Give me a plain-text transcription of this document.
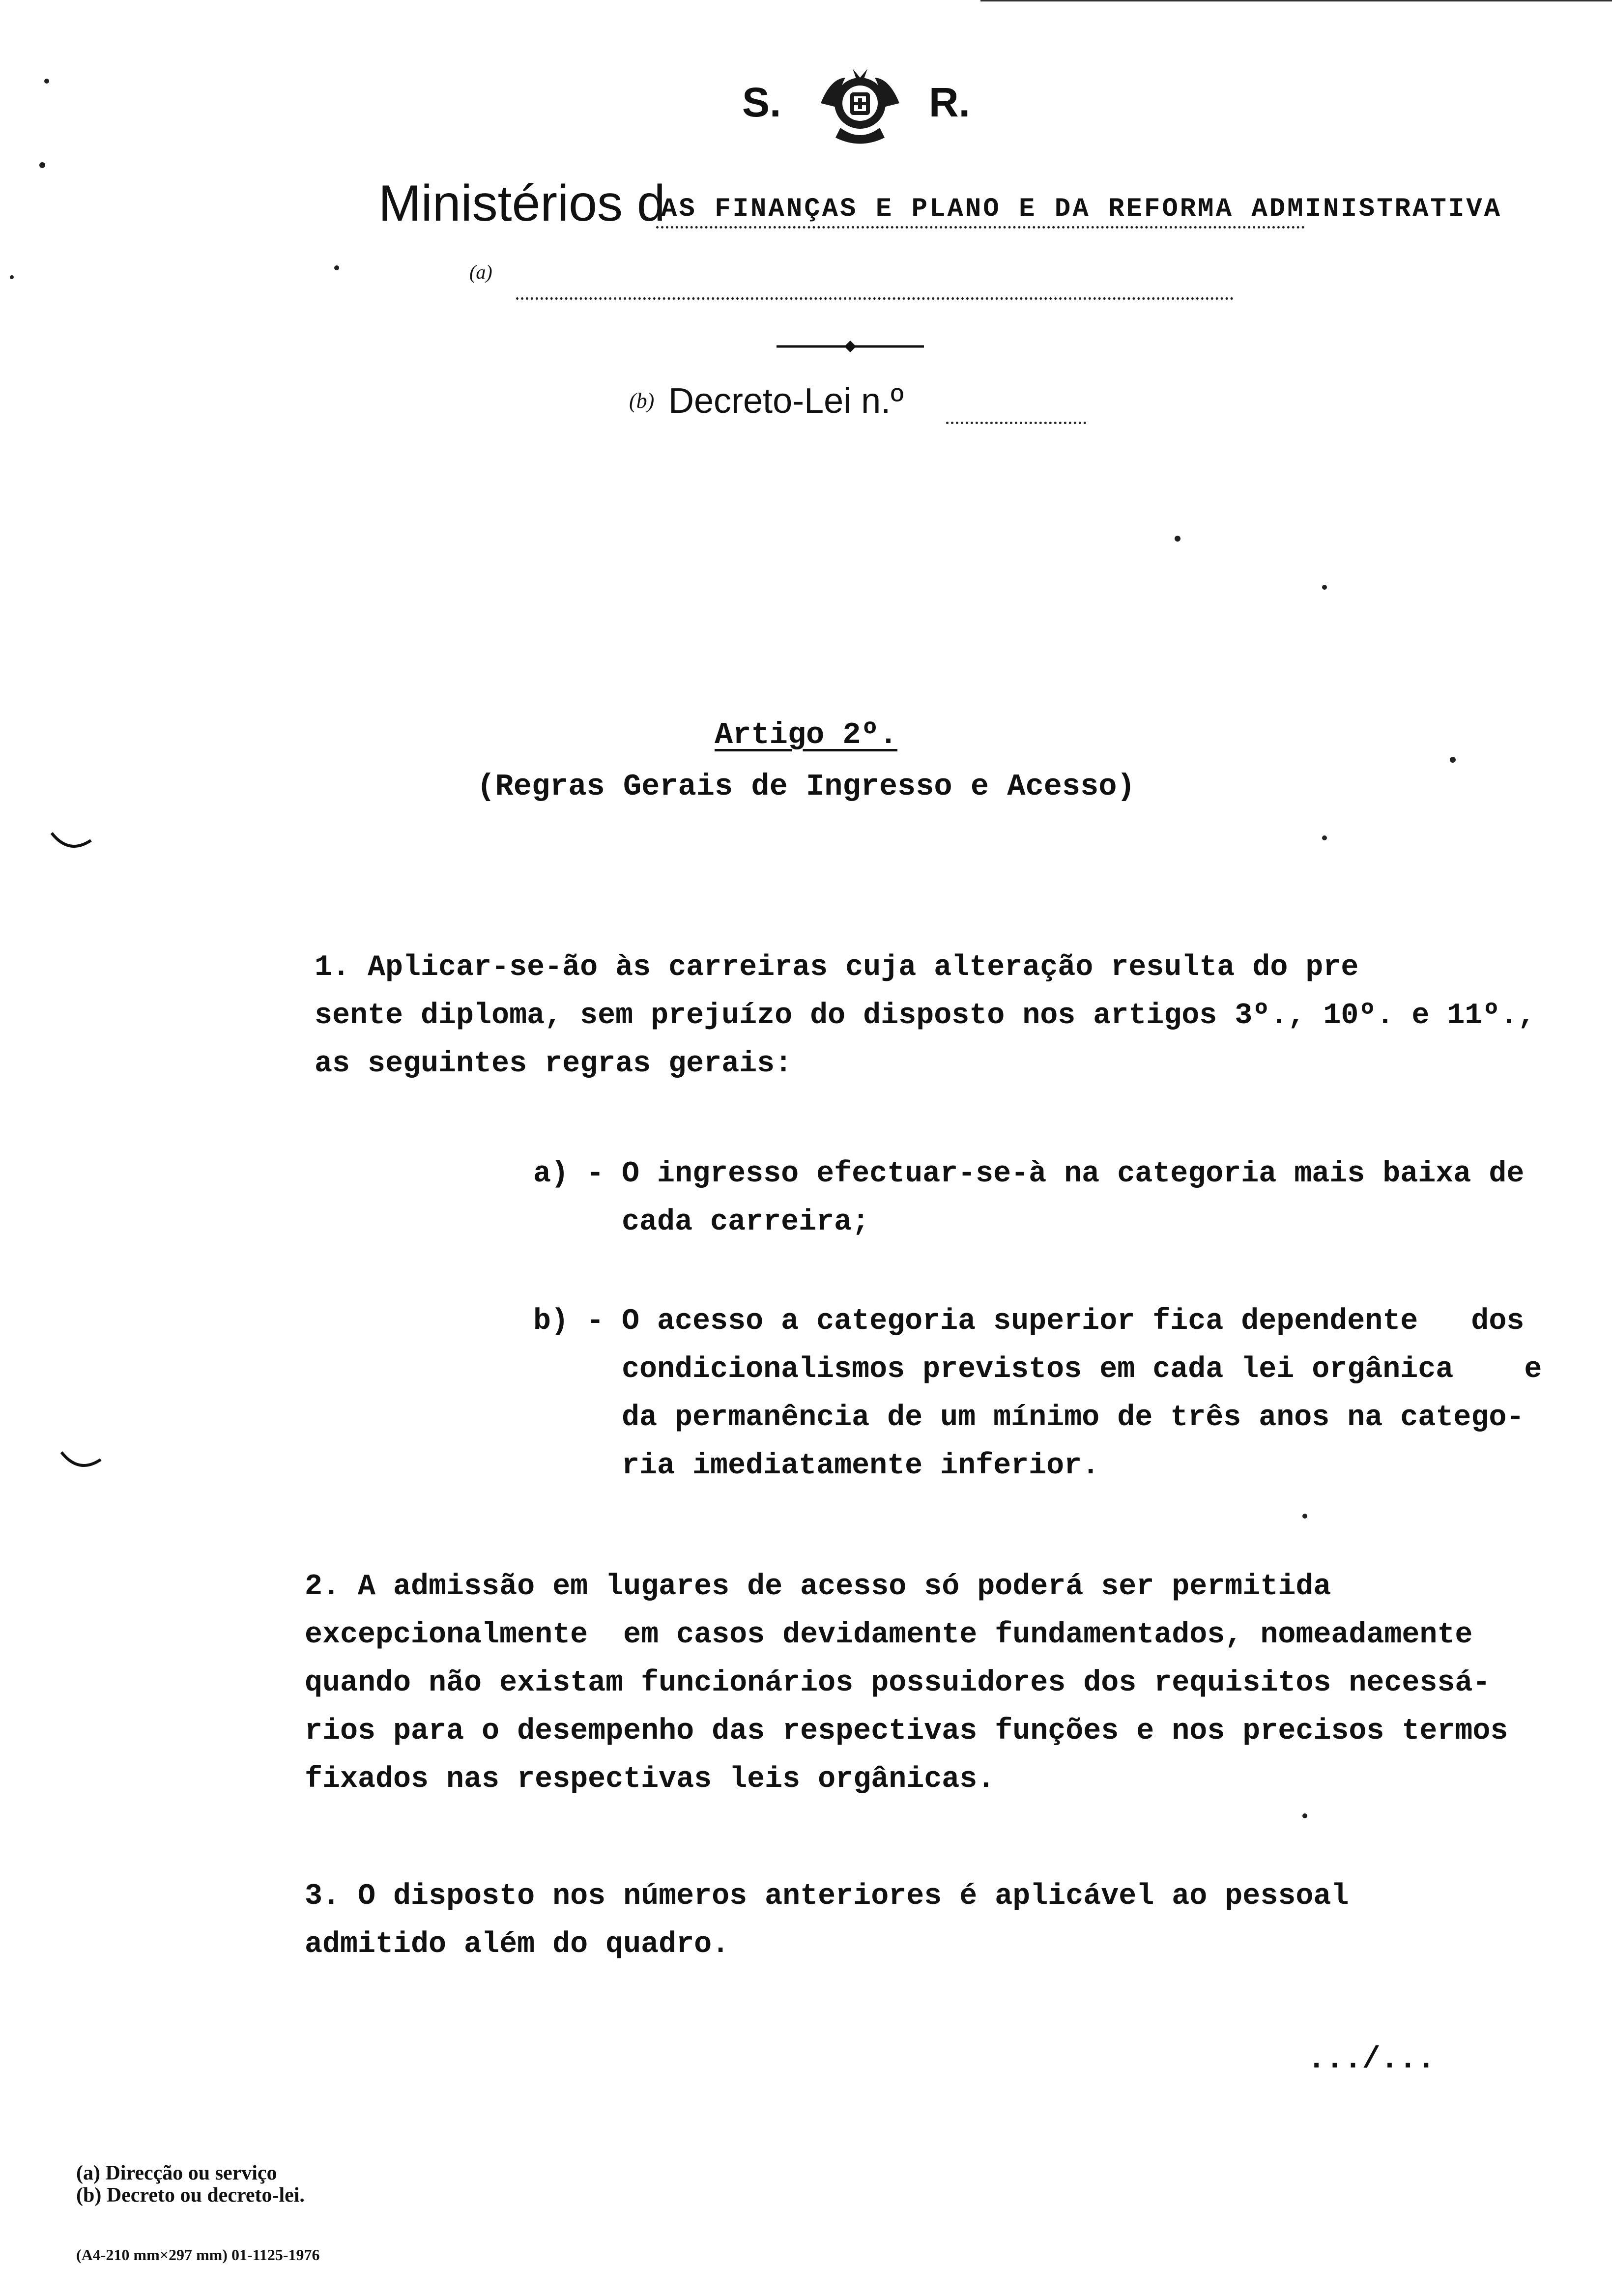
S.	R.
Ministérios d
AS FINANÇAS E PLANO E DA REFORMA ADMINISTRATIVA
(a)
(b) Decreto-Lei n.º
Artigo 2º.
(Regras Gerais de Ingresso e Acesso)
1. Aplicar-se-ão às carreiras cuja alteração resulta do pre
sente diploma, sem prejuízo do disposto nos artigos 3º., 10º. e 11º.,
as seguintes regras gerais:
a) - O ingresso efectuar-se-à na categoria mais baixa de
cada carreira;
b) - O acesso a categoria superior fica dependente   dos
condicionalismos previstos em cada lei orgânica    e
da permanência de um mínimo de três anos na catego-
ria imediatamente inferior.
2. A admissão em lugares de acesso só poderá ser permitida
excepcionalmente  em casos devidamente fundamentados, nomeadamente
quando não existam funcionários possuidores dos requisitos necessá-
rios para o desempenho das respectivas funções e nos precisos termos
fixados nas respectivas leis orgânicas.
3. O disposto nos números anteriores é aplicável ao pessoal
admitido além do quadro.
.../...
(a) Direcção ou serviço
(b) Decreto ou decreto-lei.
(A4-210 mm×297 mm) 01-1125-1976
